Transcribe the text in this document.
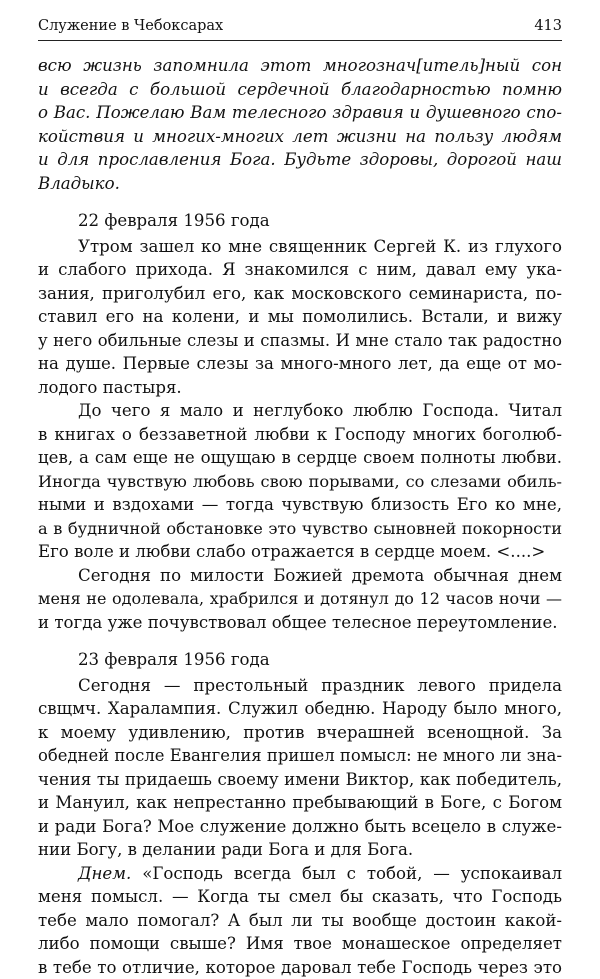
Служение в Чебоксарах	413
всю жизнь запомнила этот многознач[итель]ный сон
и всегда с большой сердечной благодарностью помню
о Вас. Пожелаю Вам телесного здравия и душевного спо-
койствия и многих-многих лет жизни на пользу людям
и для прославления Бога. Будьте здоровы, дорогой наш
Владыко.
22 февраля 1956 года
Утром зашел ко мне священник Сергей К. из глухого
и слабого прихода. Я знакомился с ним, давал ему ука-
зания, приголубил его, как московского семинариста, по-
ставил его на колени, и мы помолились. Встали, и вижу
у него обильные слезы и спазмы. И мне стало так радостно
на душе. Первые слезы за много-много лет, да еще от мо-
лодого пастыря.
До чего я мало и неглубоко люблю Господа. Читал
в книгах о беззаветной любви к Господу многих боголюб-
цев, а сам еще не ощущаю в сердце своем полноты любви.
Иногда чувствую любовь свою порывами, со слезами обиль-
ными и вздохами — тогда чувствую близость Его ко мне,
а в будничной обстановке это чувство сыновней покорности
Его воле и любви слабо отражается в сердце моем. <....>
Сегодня по милости Божией дремота обычная днем
меня не одолевала, храбрился и дотянул до 12 часов ночи —
и тогда уже почувствовал общее телесное переутомление.
23 февраля 1956 года
Сегодня — престольный праздник левого придела
свщмч. Харалампия. Служил обедню. Народу было много,
к моему удивлению, против вчерашней всенощной. За
обедней после Евангелия пришел помысл: не много ли зна-
чения ты придаешь своему имени Виктор, как победитель,
и Мануил, как непрестанно пребывающий в Боге, с Богом
и ради Бога? Мое служение должно быть всецело в служе-
нии Богу, в делании ради Бога и для Бога.
Днем. «Господь всегда был с тобой, — успокаивал
меня помысл. — Когда ты смел бы сказать, что Господь
тебе мало помогал? А был ли ты вообще достоин какой-
либо помощи свыше? Имя твое монашеское определяет
в тебе то отличие, которое даровал тебе Господь через это
